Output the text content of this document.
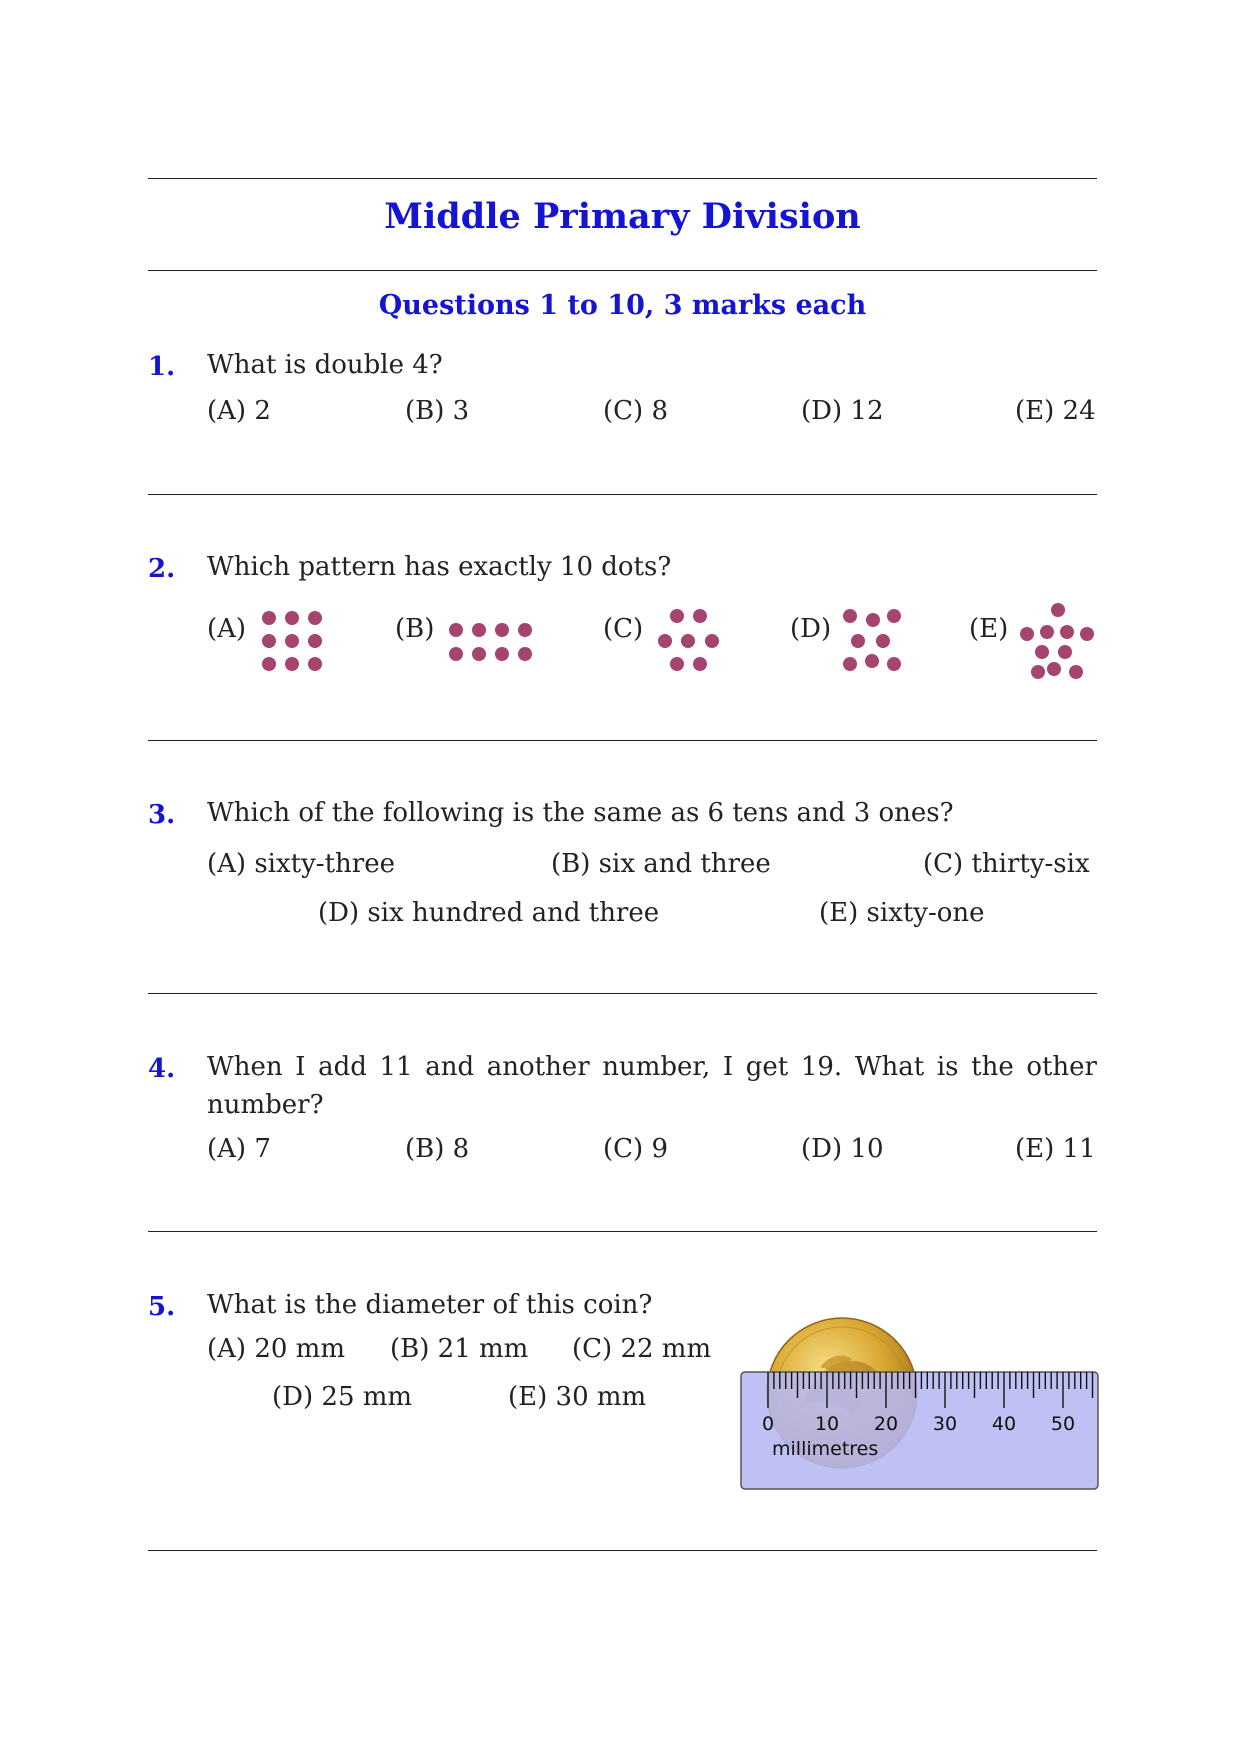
Middle Primary Division
Questions 1 to 10, 3 marks each
1. What is double 4?
(A) 2	(B) 3	(C) 8	(D) 12	(E) 24
2. Which pattern has exactly 10 dots?
(A)	(B)	(C)	(D)	(E)
3. Which of the following is the same as 6 tens and 3 ones?
(A) sixty-three	(B) six and three	(C) thirty-six
(D) six hundred and three	(E) sixty-one
4. When I add 11 and another number, I get 19. What is the other number?
(A) 7	(B) 8	(C) 9	(D) 10	(E) 11
5. What is the diameter of this coin?
(A) 20 mm (B) 21 mm (C) 22 mm
(D) 25 mm	(E) 30 mm
0 10 20 30 40 50
millimetres
